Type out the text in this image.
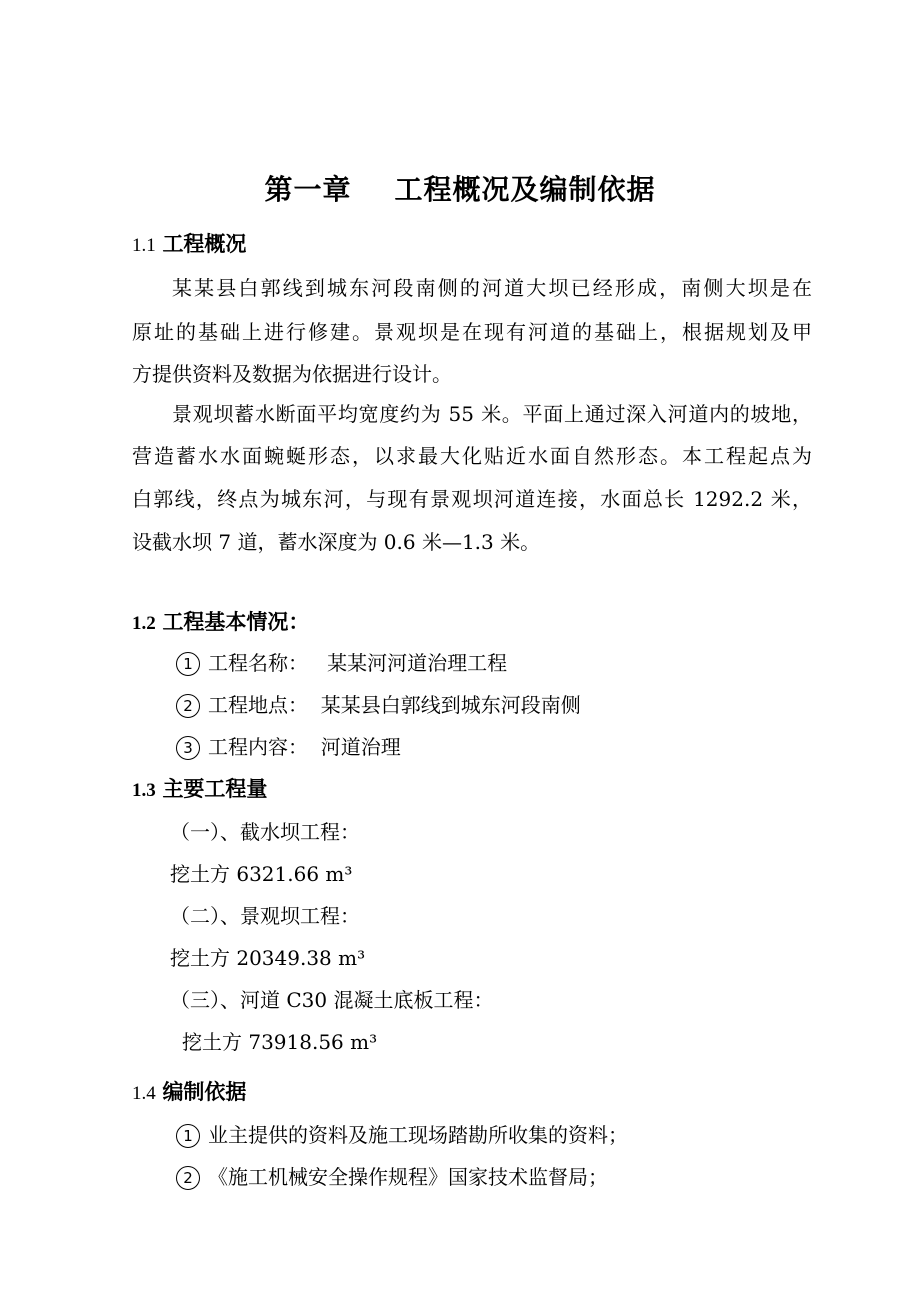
第一章    工程概况及编制依据
1.1 工程概况
某某县白郭线到城东河段南侧的河道大坝已经形成，南侧大坝是在
原址的基础上进行修建。景观坝是在现有河道的基础上，根据规划及甲
方提供资料及数据为依据进行设计。
景观坝蓄水断面平均宽度约为 55 米。平面上通过深入河道内的坡地，
营造蓄水水面蜿蜒形态，以求最大化贴近水面自然形态。本工程起点为
白郭线，终点为城东河，与现有景观坝河道连接，水面总长 1292.2 米，
设截水坝 7 道，蓄水深度为 0.6 米—1.3 米。
1.2 工程基本情况：
1 工程名称： 某某河河道治理工程
2 工程地点： 某某县白郭线到城东河段南侧
3 工程内容： 河道治理
1.3 主要工程量
（一）、截水坝工程：
挖土方 6321.66 m³
（二）、景观坝工程：
挖土方 20349.38 m³
（三）、河道 C30 混凝土底板工程：
挖土方 73918.56 m³
1.4 编制依据
1 业主提供的资料及施工现场踏勘所收集的资料；
2 《施工机械安全操作规程》国家技术监督局；
